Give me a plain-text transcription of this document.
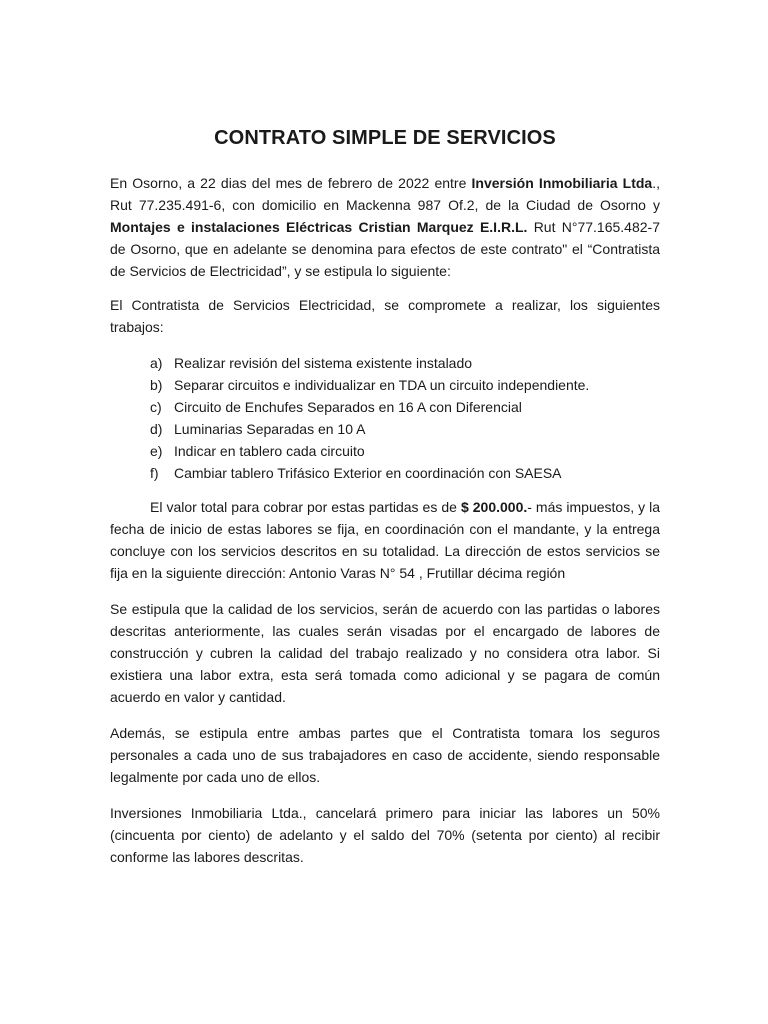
CONTRATO SIMPLE DE SERVICIOS

En Osorno, a 22 dias del mes de febrero de 2022 entre Inversión Inmobiliaria Ltda., Rut 77.235.491-6, con domicilio en Mackenna 987 Of.2, de la Ciudad de Osorno y Montajes e instalaciones Eléctricas Cristian Marquez E.I.R.L. Rut N°77.165.482-7 de Osorno, que en adelante se denomina para efectos de este contrato" el “Contratista de Servicios de Electricidad”, y se estipula lo siguiente:

El Contratista de Servicios Electricidad, se compromete a realizar, los siguientes trabajos:

a) Realizar revisión del sistema existente instalado
b) Separar circuitos e individualizar en TDA un circuito independiente.
c) Circuito de Enchufes Separados en 16 A con Diferencial
d) Luminarias Separadas en 10 A
e) Indicar en tablero cada circuito
f)	Cambiar tablero Trifásico Exterior en coordinación con SAESA

El valor total para cobrar por estas partidas es de $ 200.000.- más impuestos, y la fecha de inicio de estas labores se fija, en coordinación con el mandante, y la entrega concluye con los servicios descritos en su totalidad. La dirección de estos servicios se fija en la siguiente dirección: Antonio Varas N° 54 , Frutillar décima región

Se estipula que la calidad de los servicios, serán de acuerdo con las partidas o labores descritas anteriormente, las cuales serán visadas por el encargado de labores de construcción y cubren la calidad del trabajo realizado y no considera otra labor. Si existiera una labor extra, esta será tomada como adicional y se pagara de común acuerdo en valor y cantidad.

Además, se estipula entre ambas partes que el Contratista tomara los seguros personales a cada uno de sus trabajadores en caso de accidente, siendo responsable legalmente por cada uno de ellos.

Inversiones Inmobiliaria Ltda., cancelará primero para iniciar las labores un 50% (cincuenta por ciento) de adelanto y el saldo del 70% (setenta por ciento) al recibir conforme las labores descritas.
